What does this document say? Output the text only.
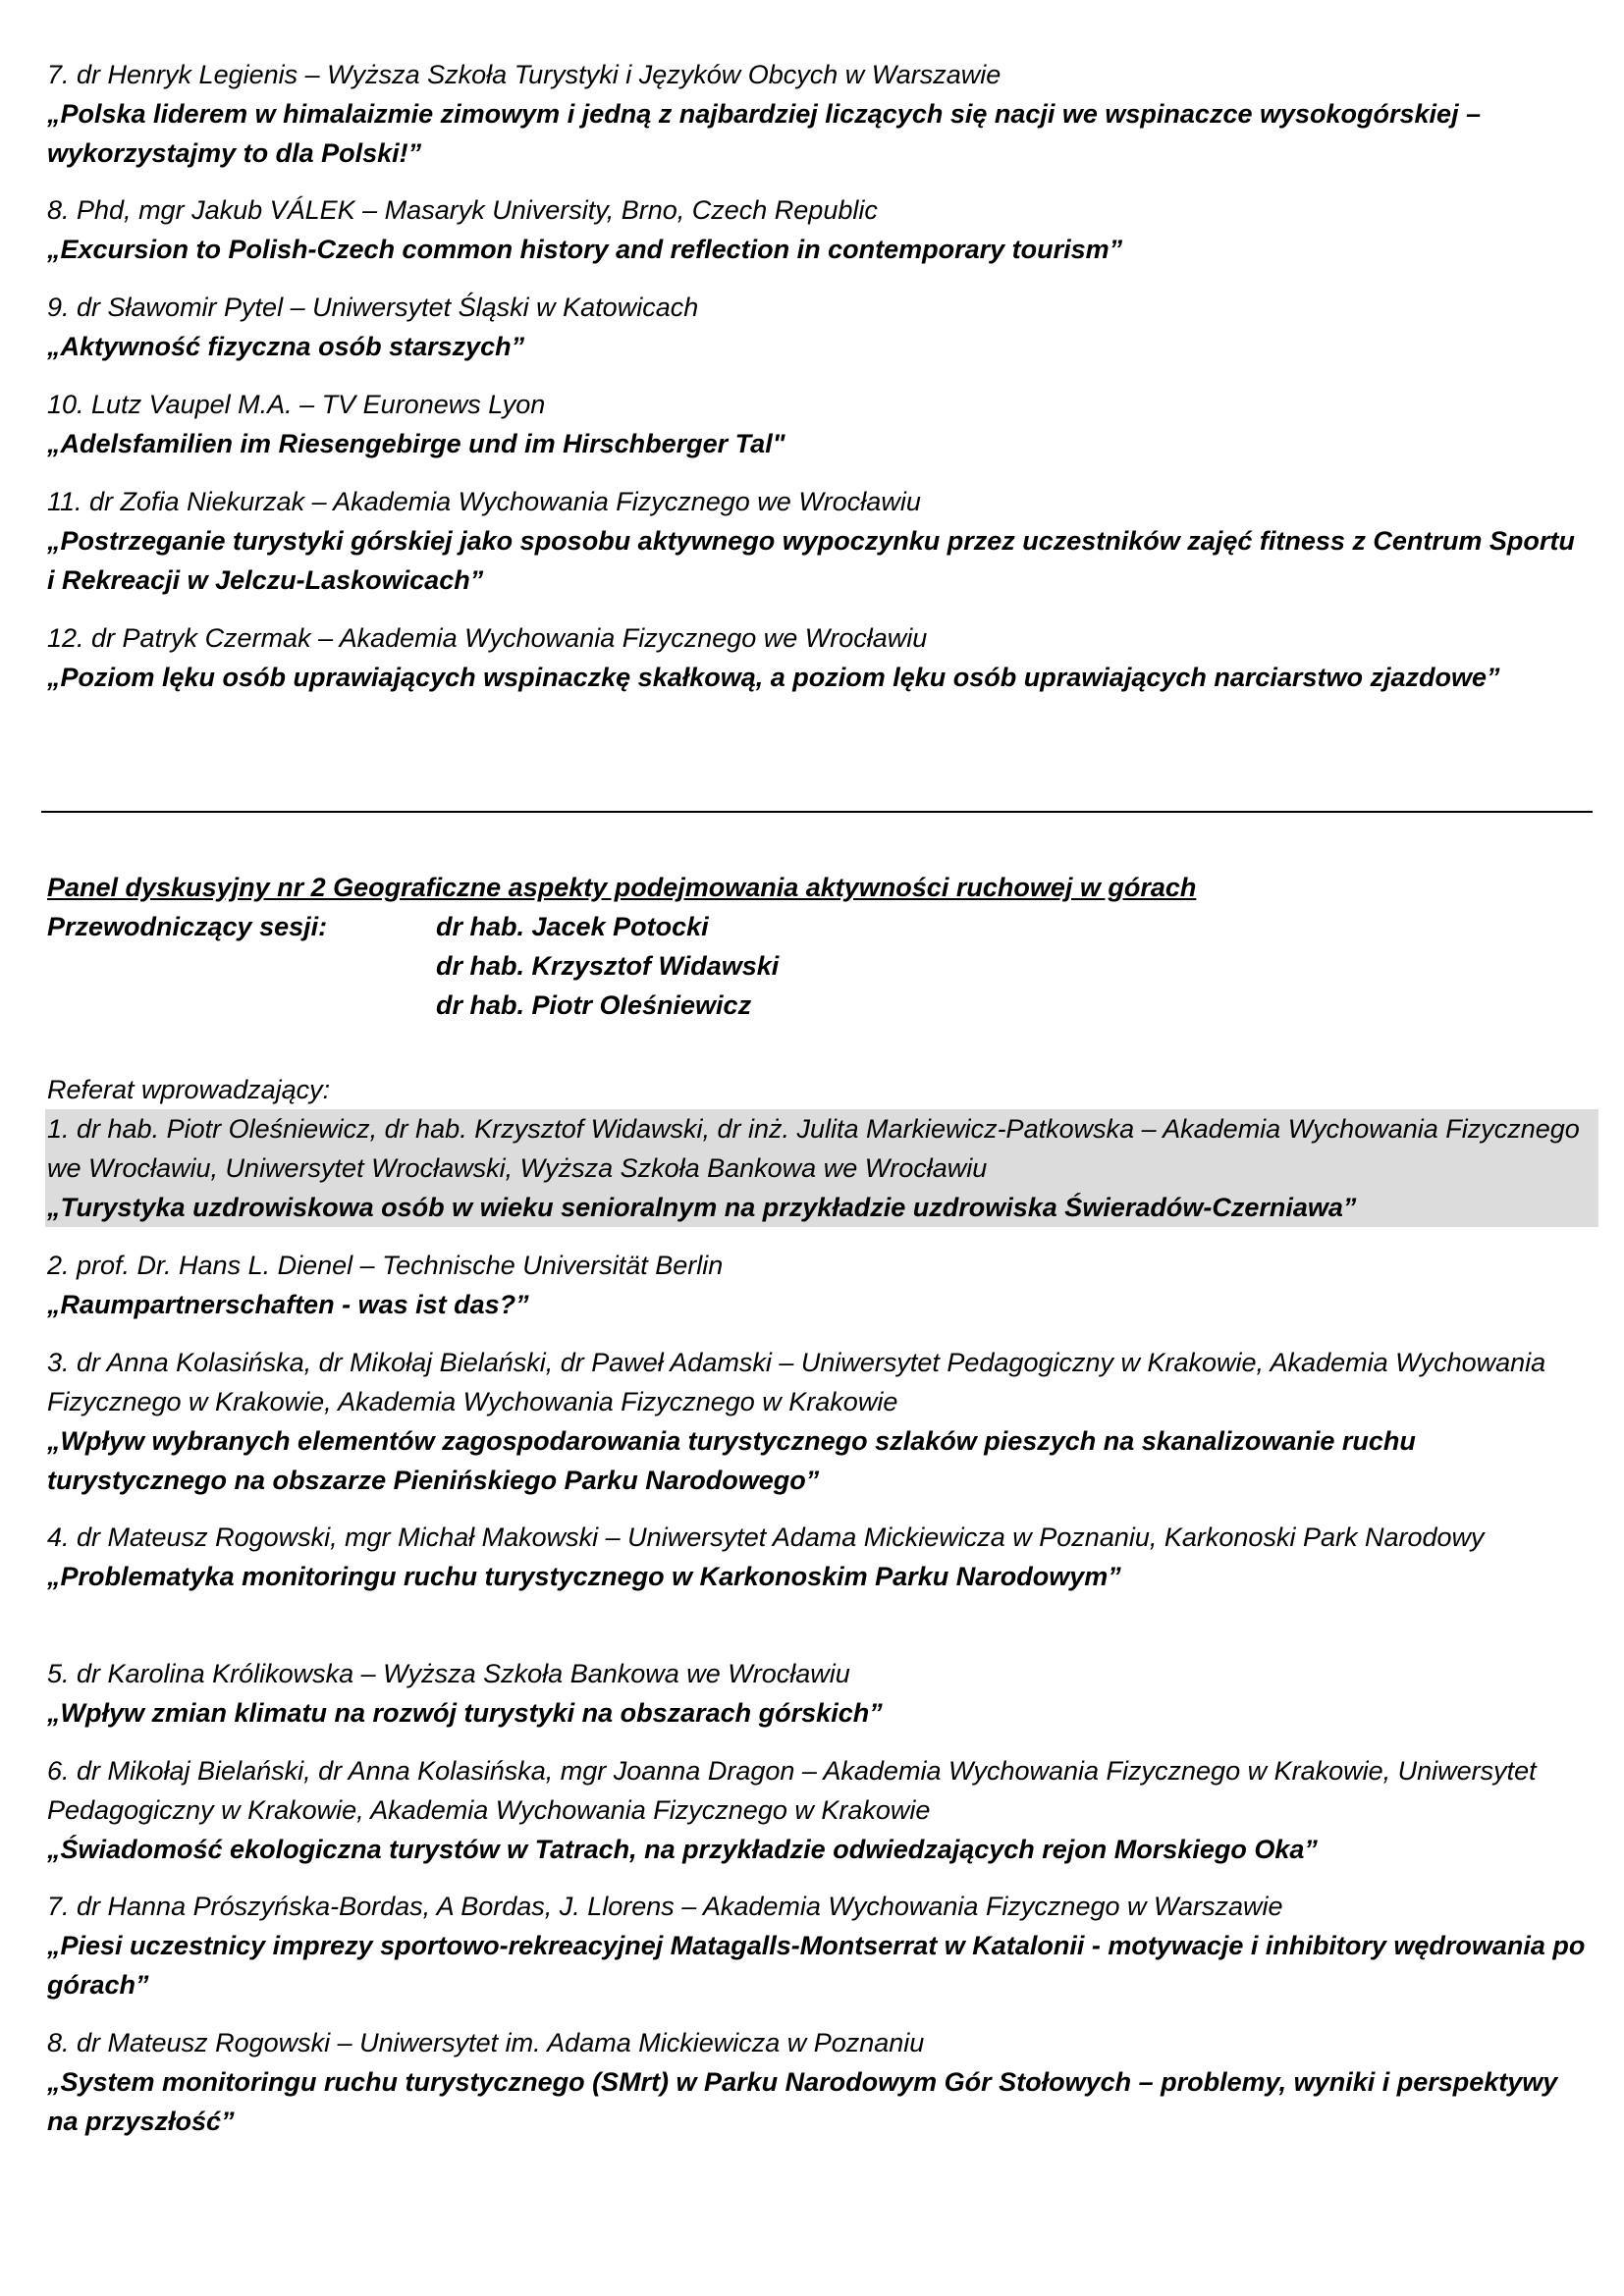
7. dr Henryk Legienis – Wyższa Szkoła Turystyki i Języków Obcych w Warszawie
„Polska liderem w himalaizmie zimowym i jedną z najbardziej liczących się nacji we wspinaczce wysokogórskiej – wykorzystajmy to dla Polski!”
8. Phd, mgr Jakub VÁLEK – Masaryk University, Brno, Czech Republic
„Excursion to Polish-Czech common history and reflection in contemporary tourism”
9. dr Sławomir Pytel – Uniwersytet Śląski w Katowicach
„Aktywność fizyczna osób starszych”
10. Lutz Vaupel M.A. – TV Euronews Lyon
„Adelsfamilien im Riesengebirge und im Hirschberger Tal"
11. dr Zofia Niekurzak – Akademia Wychowania Fizycznego we Wrocławiu
„Postrzeganie turystyki górskiej jako sposobu aktywnego wypoczynku przez uczestników zajęć fitness z Centrum Sportu i Rekreacji w Jelczu-Laskowicach”
12. dr Patryk Czermak – Akademia Wychowania Fizycznego we Wrocławiu
„Poziom lęku osób uprawiających wspinaczkę skałkową, a poziom lęku osób uprawiających narciarstwo zjazdowe”
Panel dyskusyjny nr 2 Geograficzne aspekty podejmowania aktywności ruchowej w górach
Przewodniczący sesji:	dr hab. Jacek Potocki
dr hab. Krzysztof Widawski
dr hab. Piotr Oleśniewicz
Referat wprowadzający:
1. dr hab. Piotr Oleśniewicz, dr hab. Krzysztof Widawski, dr inż. Julita Markiewicz-Patkowska – Akademia Wychowania Fizycznego we Wrocławiu, Uniwersytet Wrocławski, Wyższa Szkoła Bankowa we Wrocławiu
„Turystyka uzdrowiskowa osób w wieku senioralnym na przykładzie uzdrowiska Świeradów-Czerniawa”
2. prof. Dr. Hans L. Dienel – Technische Universität Berlin
„Raumpartnerschaften - was ist das?”
3. dr Anna Kolasińska, dr Mikołaj Bielański, dr Paweł Adamski – Uniwersytet Pedagogiczny w Krakowie, Akademia Wychowania Fizycznego w Krakowie, Akademia Wychowania Fizycznego w Krakowie
„Wpływ wybranych elementów zagospodarowania turystycznego szlaków pieszych na skanalizowanie ruchu turystycznego na obszarze Pienińskiego Parku Narodowego”
4. dr Mateusz Rogowski, mgr Michał Makowski – Uniwersytet Adama Mickiewicza w Poznaniu, Karkonoski Park Narodowy
„Problematyka monitoringu ruchu turystycznego w Karkonoskim Parku Narodowym”
5. dr Karolina Królikowska – Wyższa Szkoła Bankowa we Wrocławiu
„Wpływ zmian klimatu na rozwój turystyki na obszarach górskich”
6. dr Mikołaj Bielański, dr Anna Kolasińska, mgr Joanna Dragon – Akademia Wychowania Fizycznego w Krakowie, Uniwersytet Pedagogiczny w Krakowie, Akademia Wychowania Fizycznego w Krakowie
„Świadomość ekologiczna turystów w Tatrach, na przykładzie odwiedzających rejon Morskiego Oka”
7. dr Hanna Prószyńska-Bordas, A Bordas, J. Llorens – Akademia Wychowania Fizycznego w Warszawie
„Piesi uczestnicy imprezy sportowo-rekreacyjnej Matagalls-Montserrat w Katalonii - motywacje i inhibitory wędrowania po górach”
8. dr Mateusz Rogowski – Uniwersytet im. Adama Mickiewicza w Poznaniu
„System monitoringu ruchu turystycznego (SMrt) w Parku Narodowym Gór Stołowych – problemy, wyniki i perspektywy na przyszłość”
